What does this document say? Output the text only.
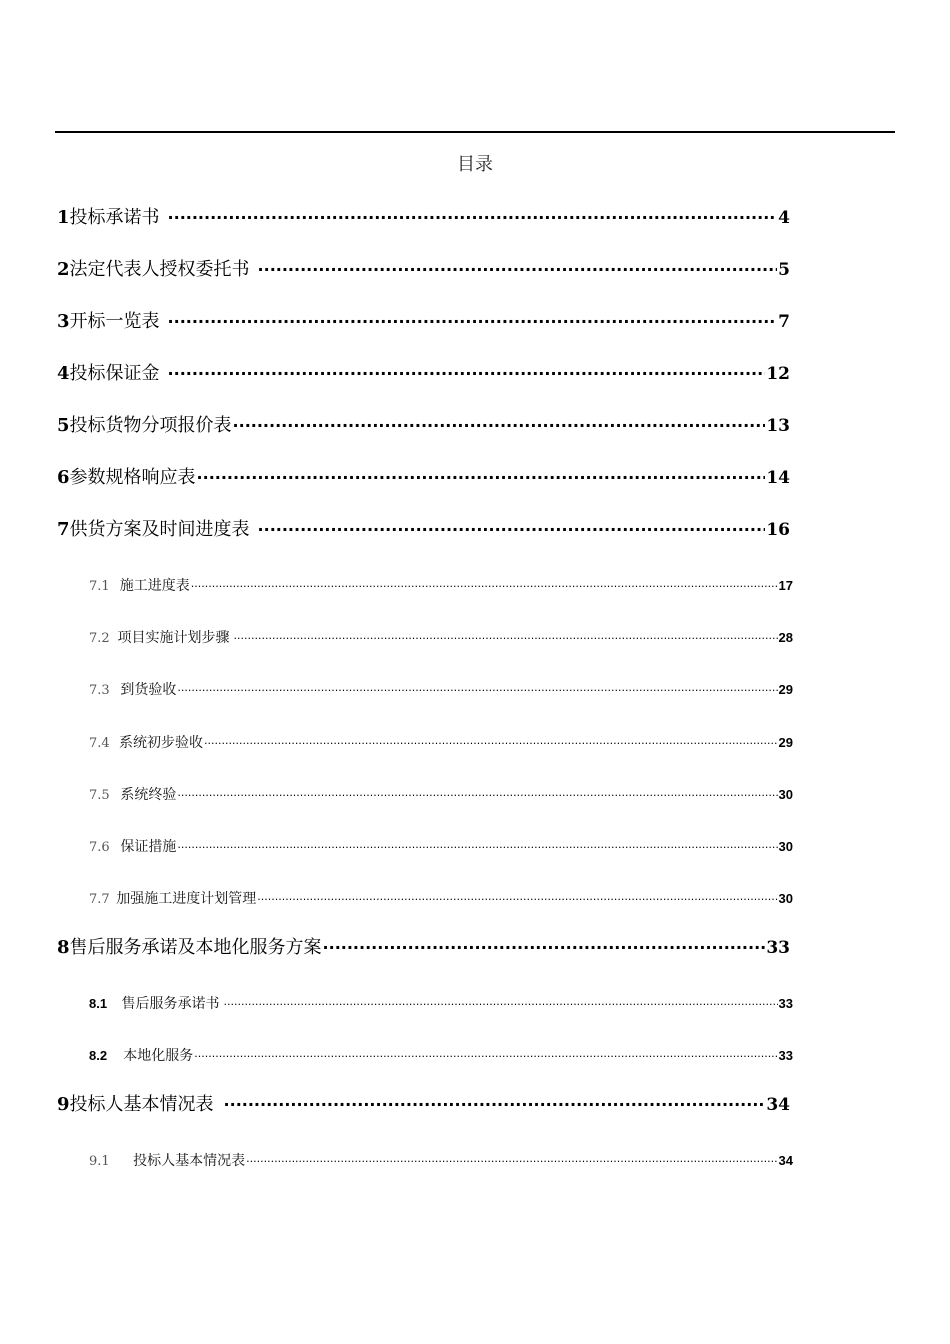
目录
1 投标承诺书 ·····	4
2 法定代表人授权委托书 ·····	5
3 开标一览表 ·····	7
4 投标保证金 ·····	12
5 投标货物分项报价表 ·····	13
6 参数规格响应表 ·····	14
7 供货方案及时间进度表 ·····	16
7.1 施工进度表 ·····	17
7.2 项目实施计划步骤 ·····	28
7.3 到货验收 ·····	29
7.4 系统初步验收 ·····	29
7.5 系统终验 ·····	30
7.6 保证措施 ·····	30
7.7 加强施工进度计划管理 ·····	30
8 售后服务承诺及本地化服务方案 ·····	33
8.1	售后服务承诺书 ·····	33
8.2	本地化服务 ·····	33
9 投标人基本情况表 ·····	34
9.1	投标人基本情况表 ·····	34
